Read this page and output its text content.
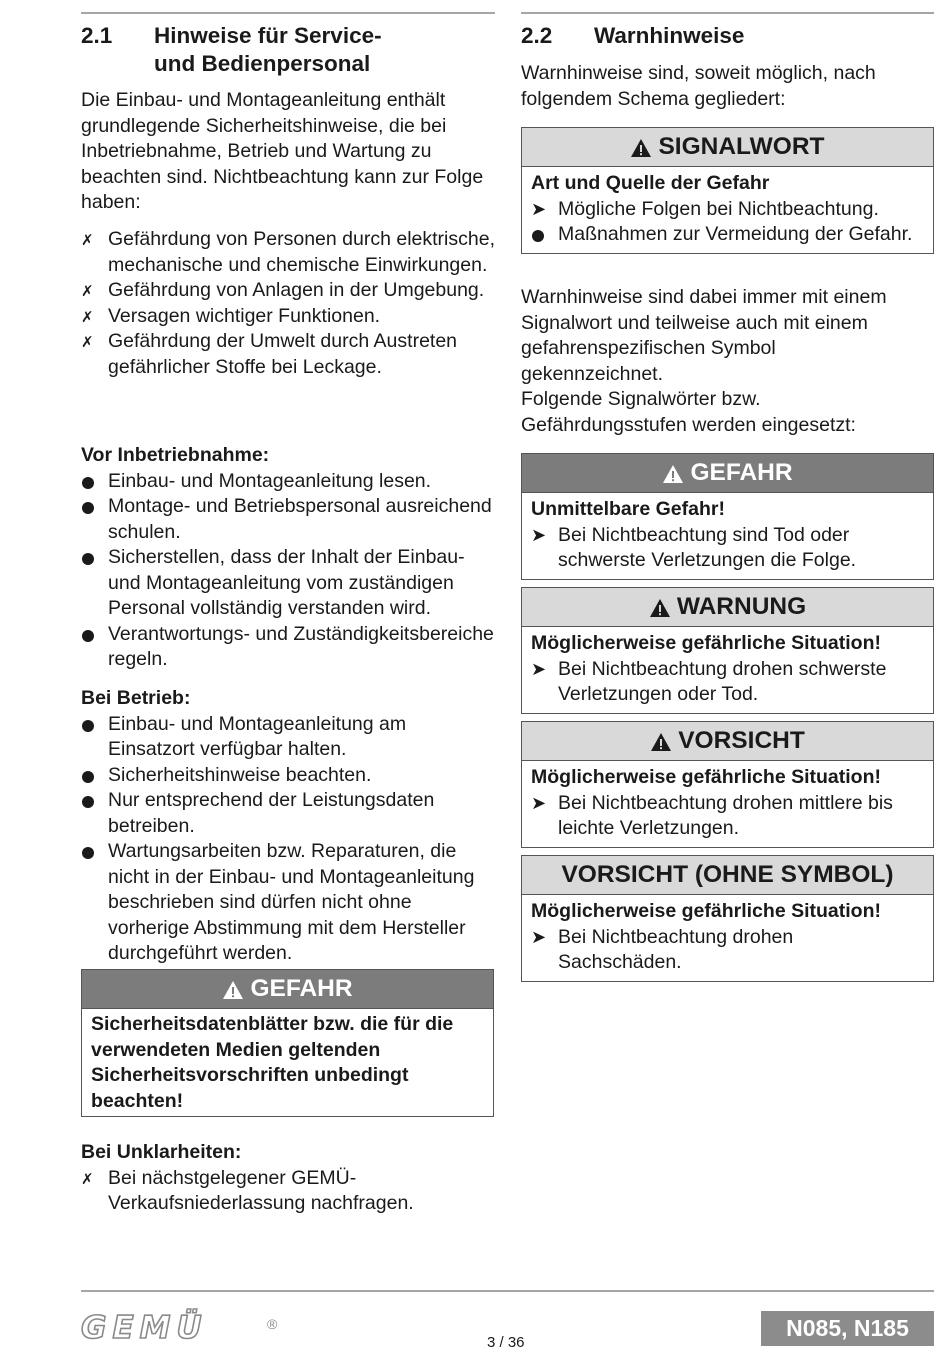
2.1	Hinweise für Service-
und Bedienpersonal

Die Einbau- und Montageanleitung enthält grundlegende Sicherheitshinweise, die bei Inbetriebnahme, Betrieb und Wartung zu beachten sind. Nichtbeachtung kann zur Folge haben:

✗ Gefährdung von Personen durch elektrische, mechanische und chemische Einwirkungen.
✗ Gefährdung von Anlagen in der Umgebung.
✗ Versagen wichtiger Funktionen.
✗ Gefährdung der Umwelt durch Austreten gefährlicher Stoffe bei Leckage.
Vor Inbetriebnahme:
Einbau- und Montageanleitung lesen.
Montage- und Betriebspersonal ausreichend schulen.
Sicherstellen, dass der Inhalt der Einbau- und Montageanleitung vom zuständigen Personal vollständig verstanden wird.
Verantwortungs- und Zuständigkeitsbereiche regeln.
Bei Betrieb:
Einbau- und Montageanleitung am Einsatzort verfügbar halten.
Sicherheitshinweise beachten.
Nur entsprechend der Leistungsdaten betreiben.
Wartungsarbeiten bzw. Reparaturen, die nicht in der Einbau- und Montageanleitung beschrieben sind dürfen nicht ohne vorherige Abstimmung mit dem Hersteller durchgeführt werden.
GEFAHR
Sicherheitsdatenblätter bzw. die für die verwendeten Medien geltenden Sicherheitsvorschriften unbedingt beachten!
Bei Unklarheiten:
✗ Bei nächstgelegener GEMÜ-Verkaufsniederlassung nachfragen.
2.2	Warnhinweise

Warnhinweise sind, soweit möglich, nach folgendem Schema gegliedert:

SIGNALWORT
Art und Quelle der Gefahr
➤ Mögliche Folgen bei Nichtbeachtung.
Maßnahmen zur Vermeidung der Gefahr.

Warnhinweise sind dabei immer mit einem Signalwort und teilweise auch mit einem gefahrenspezifischen Symbol gekennzeichnet.
Folgende Signalwörter bzw. Gefährdungsstufen werden eingesetzt:

GEFAHR
Unmittelbare Gefahr!
➤ Bei Nichtbeachtung sind Tod oder schwerste Verletzungen die Folge.
WARNUNG
Möglicherweise gefährliche Situation!
➤ Bei Nichtbeachtung drohen schwerste Verletzungen oder Tod.
VORSICHT
Möglicherweise gefährliche Situation!
➤ Bei Nichtbeachtung drohen mittlere bis leichte Verletzungen.
VORSICHT (OHNE SYMBOL)
Möglicherweise gefährliche Situation!
➤ Bei Nichtbeachtung drohen Sachschäden.
GEMÜ	®
3 / 36
N085, N185
